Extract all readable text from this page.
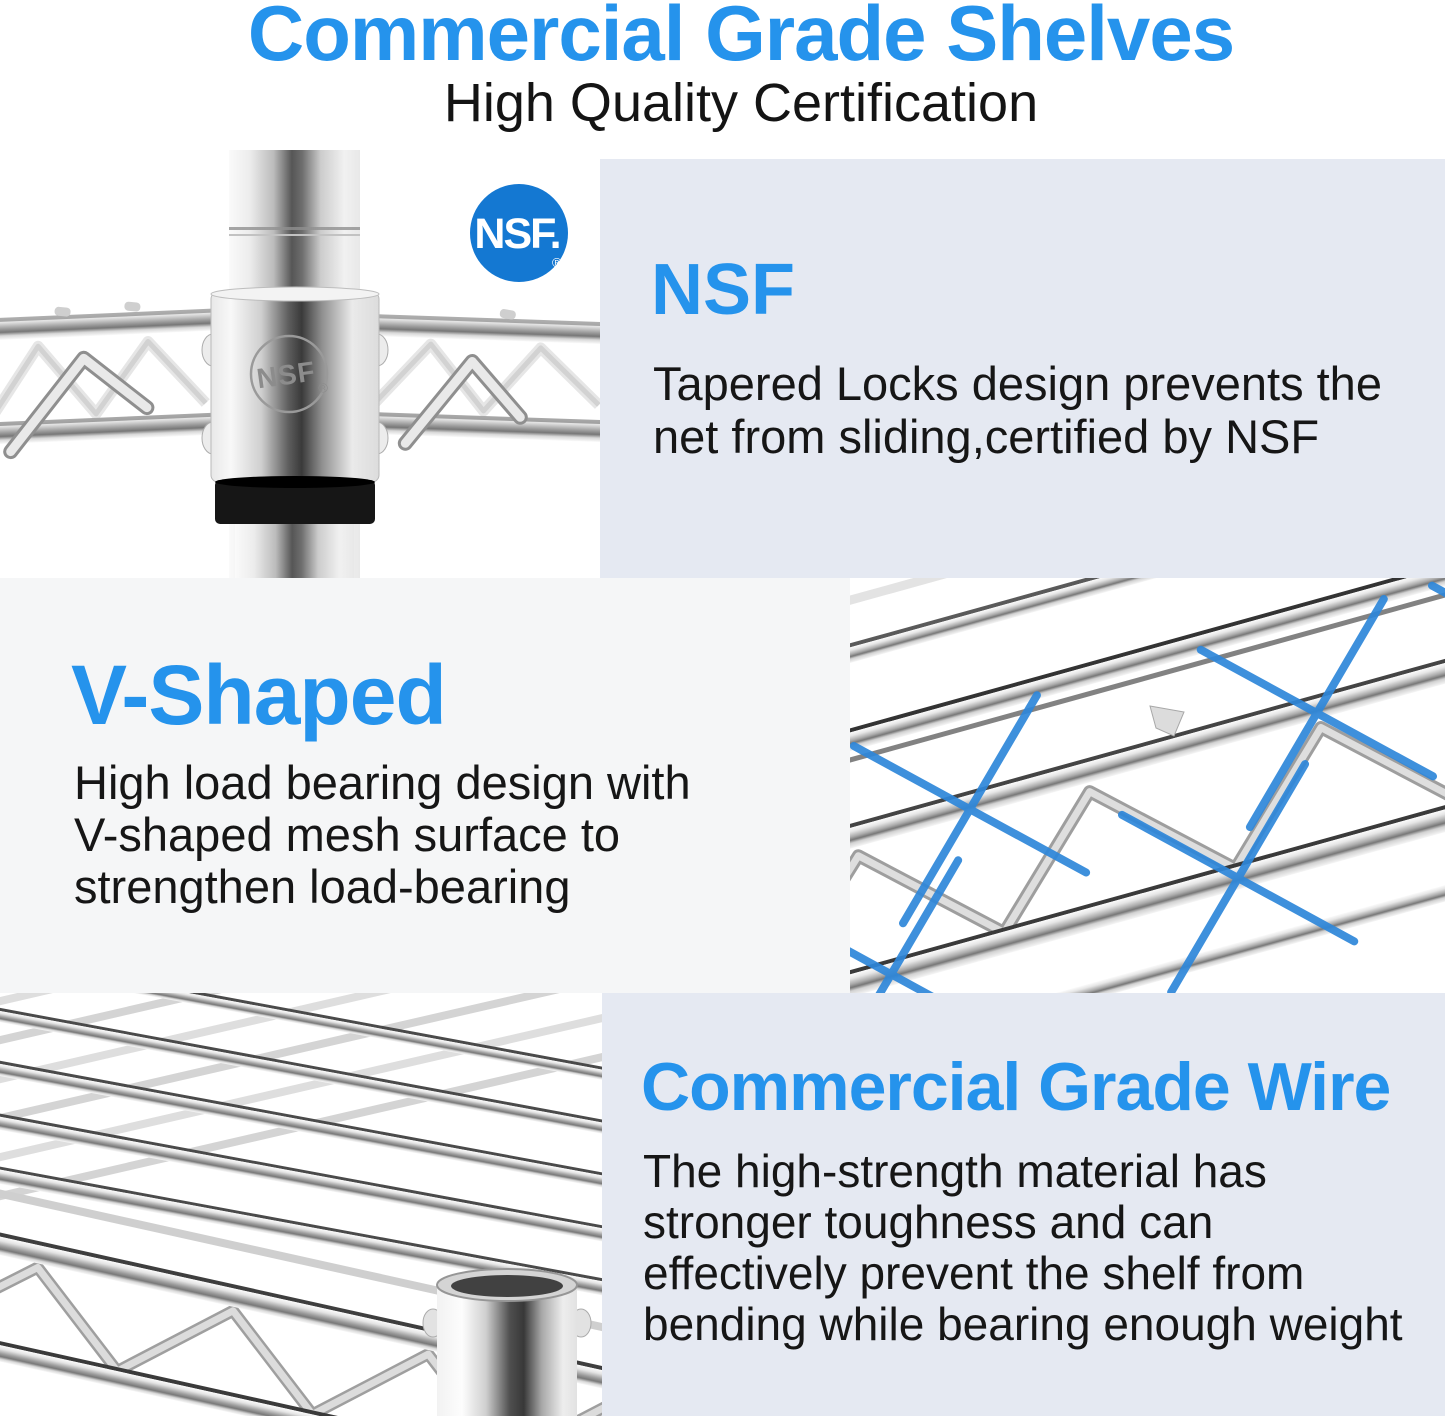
Commercial Grade Shelves
High Quality Certification
NSF ®
NSF.
® NSF
Tapered Locks design prevents the
net from sliding,certified by NSF
V-Shaped
High load bearing design with
V-shaped mesh surface to
strengthen load-bearing
Commercial Grade Wire
The high-strength material has
stronger toughness and can
effectively prevent the shelf from
bending while bearing enough weight
